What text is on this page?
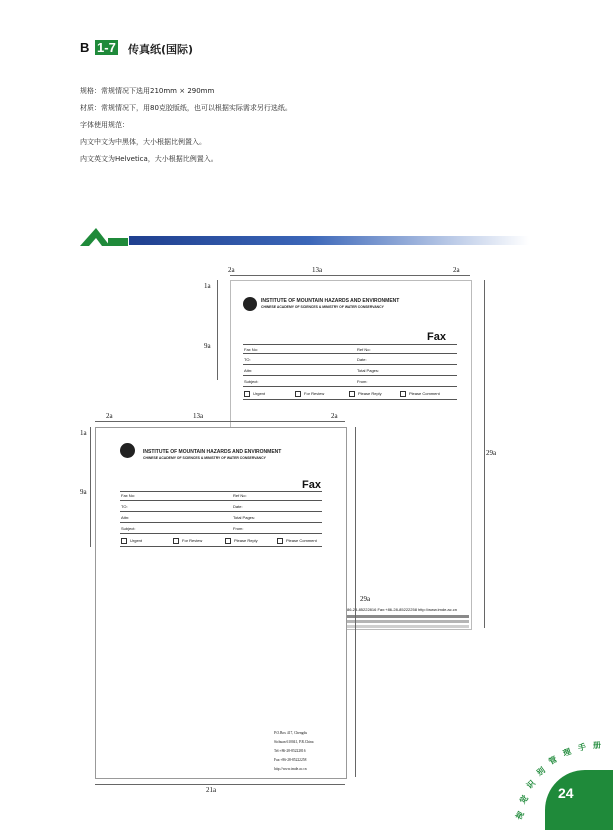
B 1-7 传真纸(国际)
规格：常规情况下选用210mm × 290mm
材质：常规情况下，用80克胶版纸，也可以根据实际需求另行选纸。
字体使用规范：
内文中文为中黑体，大小根据比例置入。
内文英文为Helvetica，大小根据比例置入。
INSTITUTE OF MOUNTAIN HAZARDS AND ENVIRONMENT
CHINESE ACADEMY OF SCIENCES & MINISTRY OF WATER CONSERVANCY
Fax
Fax No:	Ref No:
TO:	Date:
Attn:	Total Pages:
Subject:	From:
Urgent	For Review	Please Reply	Please Comment
86-28-85222816 Fax:+86-28-85222258 http://www.imde.ac.cn
2a	13a	2a
1a
9a
29a
INSTITUTE OF MOUNTAIN HAZARDS AND ENVIRONMENT
CHINESE ACADEMY OF SCIENCES & MINISTRY OF WATER CONSERVANCY
Fax
Fax No:	Ref No:
TO:	Date:
Attn:	Total Pages:
Subject:	From:
Urgent	For Review	Please Reply	Please Comment
P.O.Box 417, Chengdu
Sichuan 610041, P.R.China
Tel:+86-28-85222816
Fax:+86-28-85222258
http://www.imde.ac.cn
2a	13a	2a
1a
9a
29a
21a
视
觉
识
别
管
理 手 册
24
